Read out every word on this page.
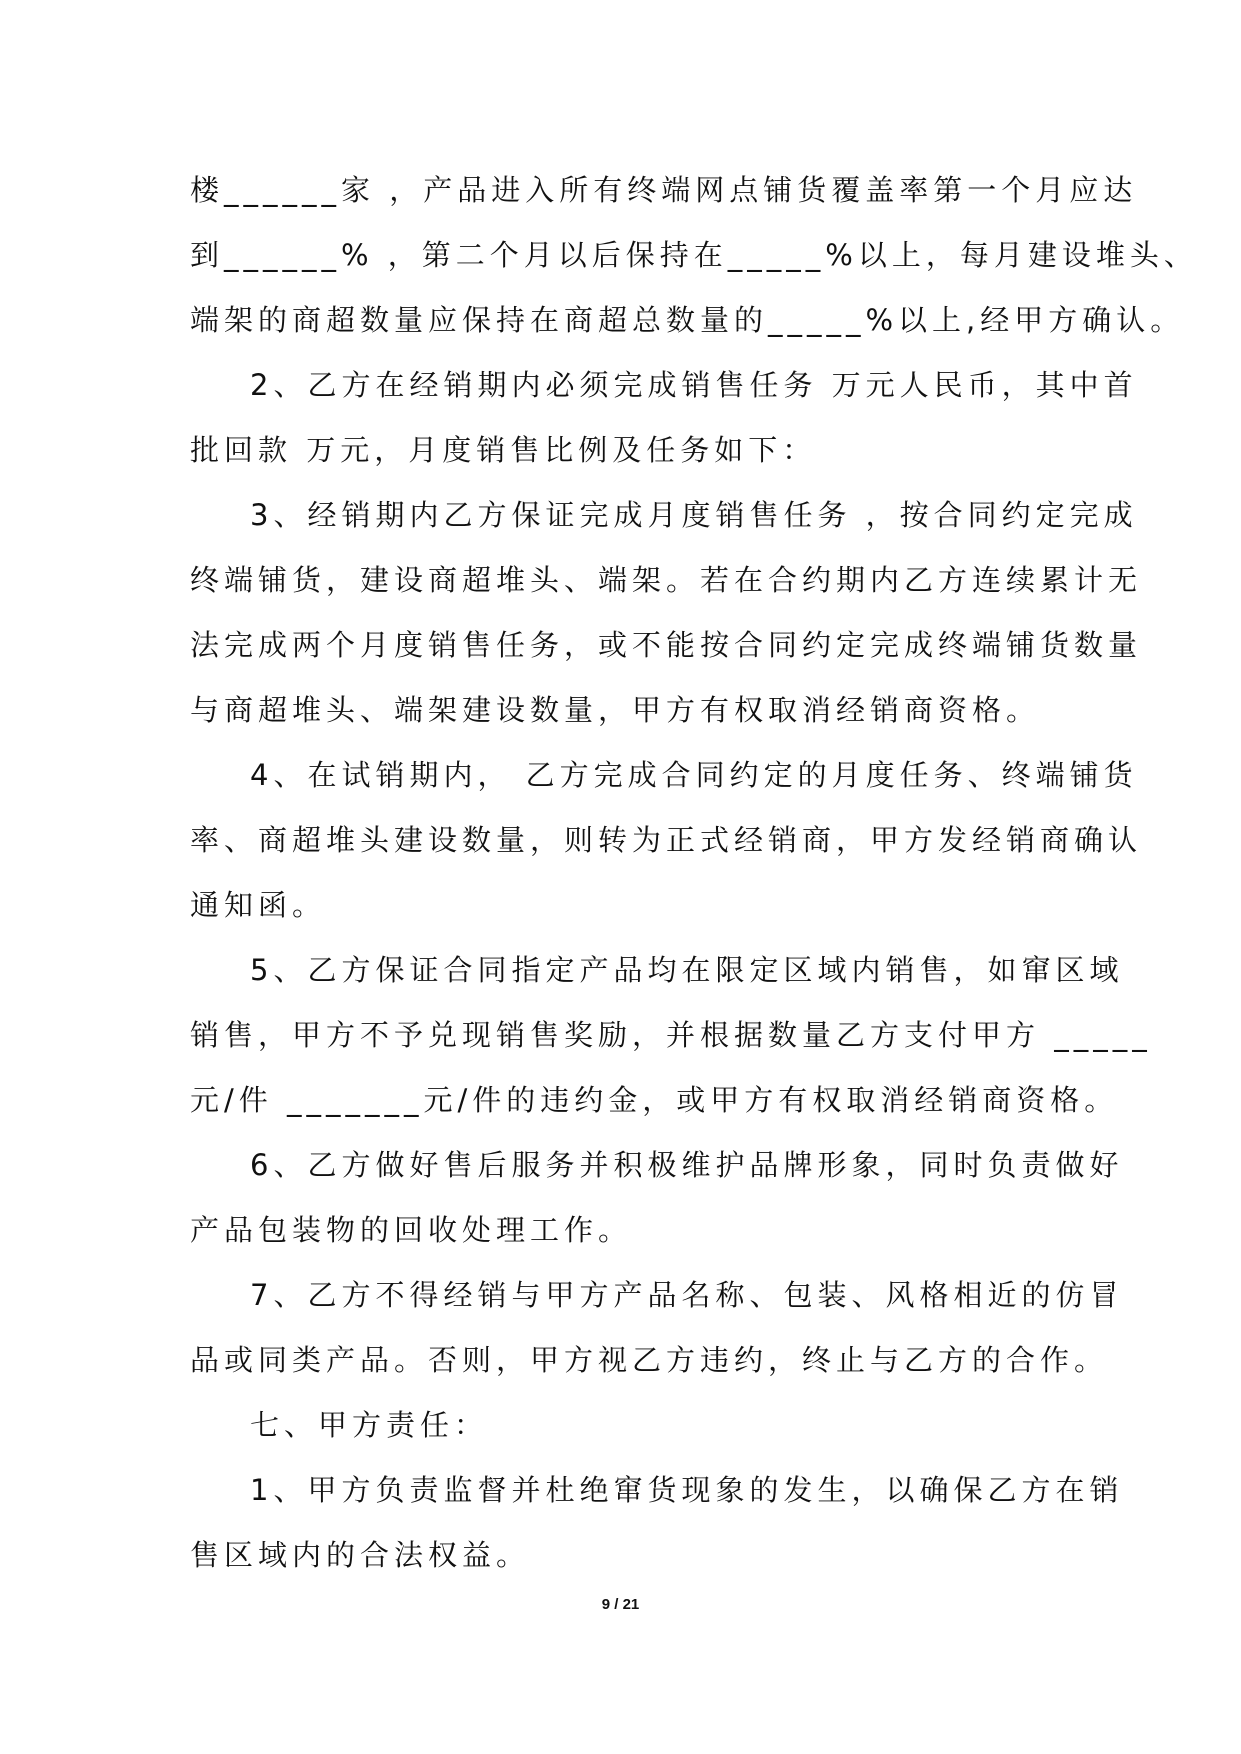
楼______家 ，产品进入所有终端网点铺货覆盖率第一个月应达
到______% ，第二个月以后保持在_____%以上，每月建设堆头、
端架的商超数量应保持在商超总数量的_____%以上,经甲方确认。
2、乙方在经销期内必须完成销售任务 万元人民币，其中首
批回款 万元，月度销售比例及任务如下：
3、经销期内乙方保证完成月度销售任务 ，按合同约定完成
终端铺货，建设商超堆头、端架。若在合约期内乙方连续累计无
法完成两个月度销售任务，或不能按合同约定完成终端铺货数量
与商超堆头、端架建设数量，甲方有权取消经销商资格。
4、在试销期内， 乙方完成合同约定的月度任务、终端铺货
率、商超堆头建设数量，则转为正式经销商，甲方发经销商确认
通知函。
5、乙方保证合同指定产品均在限定区域内销售，如窜区域
销售，甲方不予兑现销售奖励，并根据数量乙方支付甲方 _____
元/件 _______元/件的违约金，或甲方有权取消经销商资格。
6、乙方做好售后服务并积极维护品牌形象，同时负责做好
产品包装物的回收处理工作。
7、乙方不得经销与甲方产品名称、包装、风格相近的仿冒
品或同类产品。否则，甲方视乙方违约，终止与乙方的合作。
七、甲方责任：
1、甲方负责监督并杜绝窜货现象的发生，以确保乙方在销
售区域内的合法权益。
9 / 21
